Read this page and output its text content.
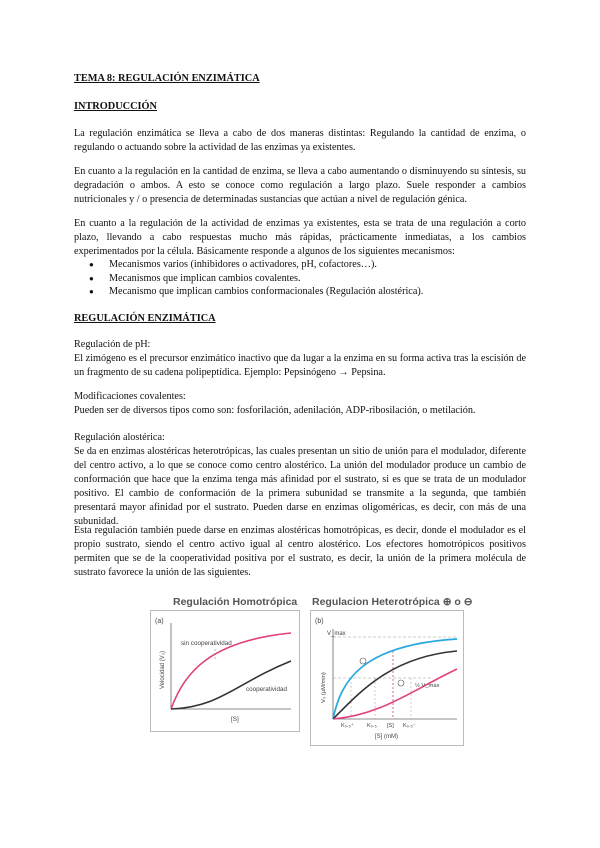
TEMA 8: REGULACIÓN ENZIMÁTICA
INTRODUCCIÓN
La regulación enzimática se lleva a cabo de dos maneras distintas: Regulando la cantidad de enzima, o regulando o actuando sobre la actividad de las enzimas ya existentes.
En cuanto a la regulación en la cantidad de enzima, se lleva a cabo aumentando o disminuyendo su síntesis, su degradación o ambos. A esto se conoce como regulación a largo plazo. Suele responder a cambios nutricionales y / o presencia de determinadas sustancias que actúan a nivel de regulación génica.
En cuanto a la regulación de la actividad de enzimas ya existentes, esta se trata de una regulación a corto plazo, llevando a cabo respuestas mucho más rápidas, prácticamente inmediatas, a los cambios experimentados por la célula. Básicamente responde a algunos de los siguientes mecanismos:
● Mecanismos varios (inhibidores o activadores, pH, cofactores…).
● Mecanismos que implican cambios covalentes.
● Mecanismo que implican cambios conformacionales (Regulación alostérica).
REGULACIÓN ENZIMÁTICA
Regulación de pH:
El zimógeno es el precursor enzimático inactivo que da lugar a la enzima en su forma activa tras la escisión de un fragmento de su cadena polipeptídica. Ejemplo: Pepsinógeno → Pepsina.
Modificaciones covalentes:
Pueden ser de diversos tipos como son: fosforilación, adenilación, ADP-ribosilación, o metilación.
Regulación alostérica:
Se da en enzimas alostéricas heterotrópicas, las cuales presentan un sitio de unión para el modulador, diferente del centro activo, a lo que se conoce como centro alostérico. La unión del modulador produce un cambio de conformación que hace que la enzima tenga más afinidad por el sustrato, si es que se trata de un modulador positivo. El cambio de conformación de la primera subunidad se transmite a la segunda, que también presentará mayor afinidad por el sustrato. Pueden darse en enzimas oligoméricas, es decir, con más de una subunidad.
Esta regulación también puede darse en enzimas alostéricas homotrópicas, es decir, donde el modulador es el propio sustrato, siendo el centro activo igual al centro alostérico. Los efectores homotrópicos positivos permiten que se de la cooperatividad positiva por el sustrato, es decir, la unión de la primera molécula de sustrato favorece la unión de las siguientes.
Regulación Homotrópica
(a)
sin cooperatividad
cooperatividad
[S]
Velocidad (V₀)
Regulacion Heterotrópica ⊕ o ⊖
(b)
V_max
½ V_max
K₀.₅⁺ K₀.₅ [S] K₀.₅⁻
[S] (mM)
V₀ (μM/min)
